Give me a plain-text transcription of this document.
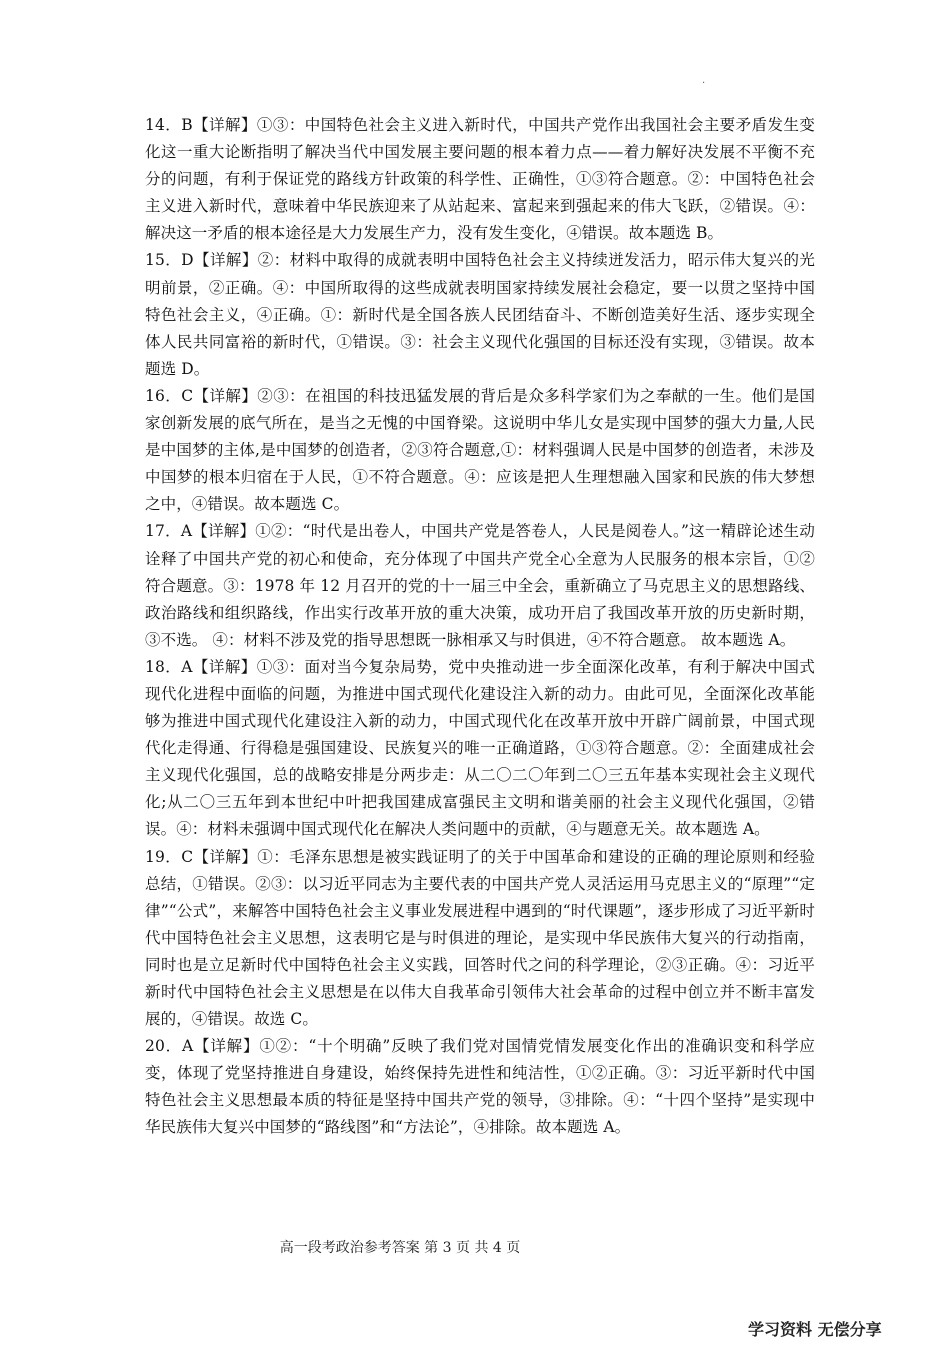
.

14．B【详解】①③：中国特色社会主义进入新时代，中国共产党作出我国社会主要矛盾发生变化这一重大论断指明了解决当代中国发展主要问题的根本着力点——着力解好决发展不平衡不充分的问题，有利于保证党的路线方针政策的科学性、正确性，①③符合题意。②：中国特色社会主义进入新时代，意味着中华民族迎来了从站起来、富起来到强起来的伟大飞跃，②错误。④：解决这一矛盾的根本途径是大力发展生产力，没有发生变化，④错误。故本题选 B。

15．D【详解】②：材料中取得的成就表明中国特色社会主义持续迸发活力，昭示伟大复兴的光明前景，②正确。④：中国所取得的这些成就表明国家持续发展社会稳定，要一以贯之坚持中国特色社会主义，④正确。①：新时代是全国各族人民团结奋斗、不断创造美好生活、逐步实现全体人民共同富裕的新时代，①错误。③：社会主义现代化强国的目标还没有实现，③错误。故本题选 D。

16．C【详解】②③：在祖国的科技迅猛发展的背后是众多科学家们为之奉献的一生。他们是国家创新发展的底气所在，是当之无愧的中国脊梁。这说明中华儿女是实现中国梦的强大力量,人民是中国梦的主体,是中国梦的创造者，②③符合题意,①：材料强调人民是中国梦的创造者，未涉及中国梦的根本归宿在于人民，①不符合题意。④：应该是把人生理想融入国家和民族的伟大梦想之中，④错误。故本题选 C。

17．A【详解】①②：“时代是出卷人，中国共产党是答卷人，人民是阅卷人。”这一精辟论述生动诠释了中国共产党的初心和使命，充分体现了中国共产党全心全意为人民服务的根本宗旨，①②符合题意。③：1978 年 12 月召开的党的十一届三中全会，重新确立了马克思主义的思想路线、政治路线和组织路线，作出实行改革开放的重大决策，成功开启了我国改革开放的历史新时期，③不选。 ④：材料不涉及党的指导思想既一脉相承又与时俱进，④不符合题意。 故本题选 A。

18．A【详解】①③：面对当今复杂局势，党中央推动进一步全面深化改革，有利于解决中国式现代化进程中面临的问题，为推进中国式现代化建设注入新的动力。由此可见，全面深化改革能够为推进中国式现代化建设注入新的动力，中国式现代化在改革开放中开辟广阔前景，中国式现代化走得通、行得稳是强国建设、民族复兴的唯一正确道路，①③符合题意。②：全面建成社会主义现代化强国，总的战略安排是分两步走：从二〇二〇年到二〇三五年基本实现社会主义现代化;从二〇三五年到本世纪中叶把我国建成富强民主文明和谐美丽的社会主义现代化强国，②错误。④：材料未强调中国式现代化在解决人类问题中的贡献，④与题意无关。故本题选 A。

19．C【详解】①：毛泽东思想是被实践证明了的关于中国革命和建设的正确的理论原则和经验总结，①错误。②③：以习近平同志为主要代表的中国共产党人灵活运用马克思主义的“原理”“定律”“公式”，来解答中国特色社会主义事业发展进程中遇到的“时代课题”，逐步形成了习近平新时代中国特色社会主义思想，这表明它是与时俱进的理论，是实现中华民族伟大复兴的行动指南，同时也是立足新时代中国特色社会主义实践，回答时代之问的科学理论，②③正确。④：习近平新时代中国特色社会主义思想是在以伟大自我革命引领伟大社会革命的过程中创立并不断丰富发展的，④错误。故选 C。

20．A【详解】①②：“十个明确”反映了我们党对国情党情发展变化作出的准确识变和科学应变，体现了党坚持推进自身建设，始终保持先进性和纯洁性，①②正确。③：习近平新时代中国特色社会主义思想最本质的特征是坚持中国共产党的领导，③排除。④：“十四个坚持”是实现中华民族伟大复兴中国梦的“路线图”和“方法论”，④排除。故本题选 A。

高一段考政治参考答案 第 3 页 共 4 页
学习资料 无偿分享
